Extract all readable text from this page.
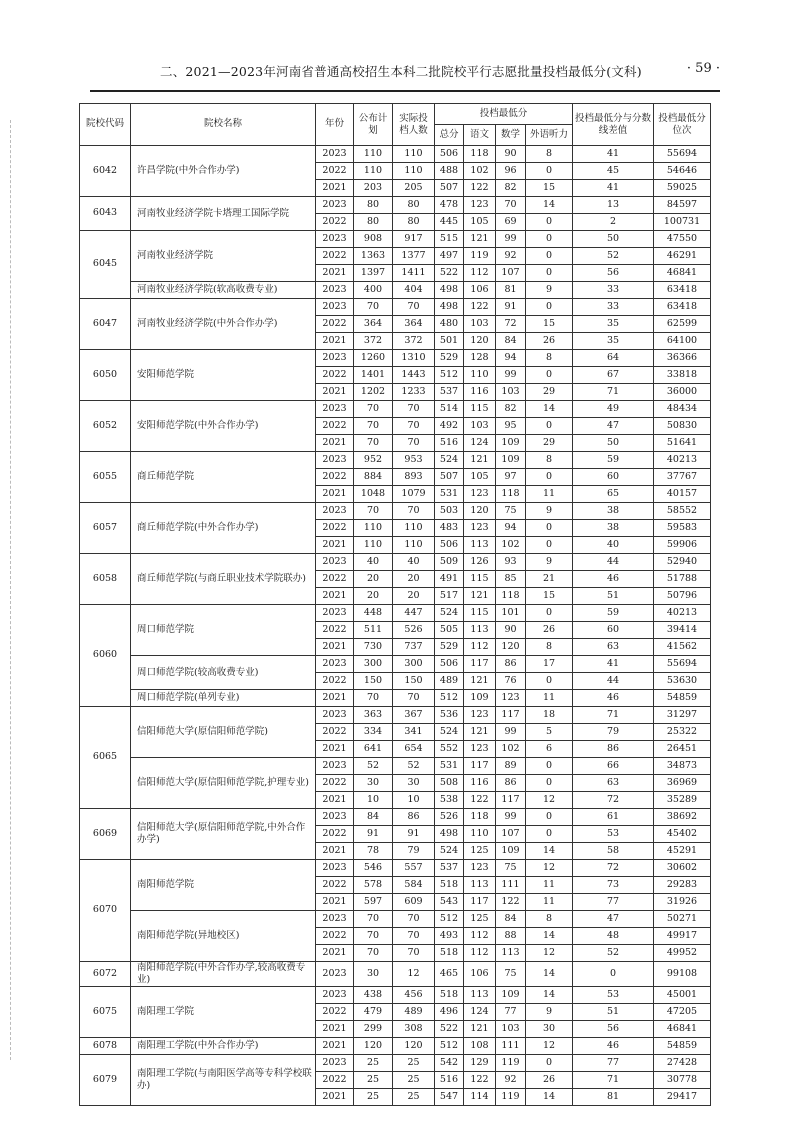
二、2021—2023年河南省普通高校招生本科二批院校平行志愿批量投档最低分(文科)	· 59 ·
院校代码	院校名称	年份	公布计划	实际投档人数	投档最低分				投档最低分与分数线差值	投档最低分位次
					总分	语文	数学	外语听力		
6042	许昌学院(中外合作办学)	2023	110	110	506	118	90	8	41	55694
		2022	110	110	488	102	96	0	45	54646
		2021	203	205	507	122	82	15	41	59025
6043	河南牧业经济学院卡塔理工国际学院	2023	80	80	478	123	70	14	13	84597
		2022	80	80	445	105	69	0	2	100731
6045	河南牧业经济学院	2023	908	917	515	121	99	0	50	47550
		2022	1363	1377	497	119	92	0	52	46291
		2021	1397	1411	522	112	107	0	56	46841
	河南牧业经济学院(软高收费专业)	2023	400	404	498	106	81	9	33	63418
6047	河南牧业经济学院(中外合作办学)	2023	70	70	498	122	91	0	33	63418
		2022	364	364	480	103	72	15	35	62599
		2021	372	372	501	120	84	26	35	64100
6050	安阳师范学院	2023	1260	1310	529	128	94	8	64	36366
		2022	1401	1443	512	110	99	0	67	33818
		2021	1202	1233	537	116	103	29	71	36000
6052	安阳师范学院(中外合作办学)	2023	70	70	514	115	82	14	49	48434
		2022	70	70	492	103	95	0	47	50830
		2021	70	70	516	124	109	29	50	51641
6055	商丘师范学院	2023	952	953	524	121	109	8	59	40213
		2022	884	893	507	105	97	0	60	37767
		2021	1048	1079	531	123	118	11	65	40157
6057	商丘师范学院(中外合作办学)	2023	70	70	503	120	75	9	38	58552
		2022	110	110	483	123	94	0	38	59583
		2021	110	110	506	113	102	0	40	59906
6058	商丘师范学院(与商丘职业技术学院联办)	2023	40	40	509	126	93	9	44	52940
		2022	20	20	491	115	85	21	46	51788
		2021	20	20	517	121	118	15	51	50796
6060	周口师范学院	2023	448	447	524	115	101	0	59	40213
		2022	511	526	505	113	90	26	60	39414
		2021	730	737	529	112	120	8	63	41562
	周口师范学院(较高收费专业)	2023	300	300	506	117	86	17	41	55694
		2022	150	150	489	121	76	0	44	53630
	周口师范学院(单列专业)	2021	70	70	512	109	123	11	46	54859
6065	信阳师范大学(原信阳师范学院)	2023	363	367	536	123	117	18	71	31297
		2022	334	341	524	121	99	5	79	25322
		2021	641	654	552	123	102	6	86	26451
	信阳师范大学(原信阳师范学院,护理专业)	2023	52	52	531	117	89	0	66	34873
		2022	30	30	508	116	86	0	63	36969
		2021	10	10	538	122	117	12	72	35289
6069	信阳师范大学(原信阳师范学院,中外合作办学)	2023	84	86	526	118	99	0	61	38692
		2022	91	91	498	110	107	0	53	45402
		2021	78	79	524	125	109	14	58	45291
6070	南阳师范学院	2023	546	557	537	123	75	12	72	30602
		2022	578	584	518	113	111	11	73	29283
		2021	597	609	543	117	122	11	77	31926
	南阳师范学院(异地校区)	2023	70	70	512	125	84	8	47	50271
		2022	70	70	493	112	88	14	48	49917
		2021	70	70	518	112	113	12	52	49952
6072	南阳师范学院(中外合作办学,较高收费专业)	2023	30	12	465	106	75	14	0	99108
6075	南阳理工学院	2023	438	456	518	113	109	14	53	45001
		2022	479	489	496	124	77	9	51	47205
		2021	299	308	522	121	103	30	56	46841
6078	南阳理工学院(中外合作办学)	2021	120	120	512	108	111	12	46	54859
6079	南阳理工学院(与南阳医学高等专科学校联办)	2023	25	25	542	129	119	0	77	27428
		2022	25	25	516	122	92	26	71	30778
		2021	25	25	547	114	119	14	81	29417
